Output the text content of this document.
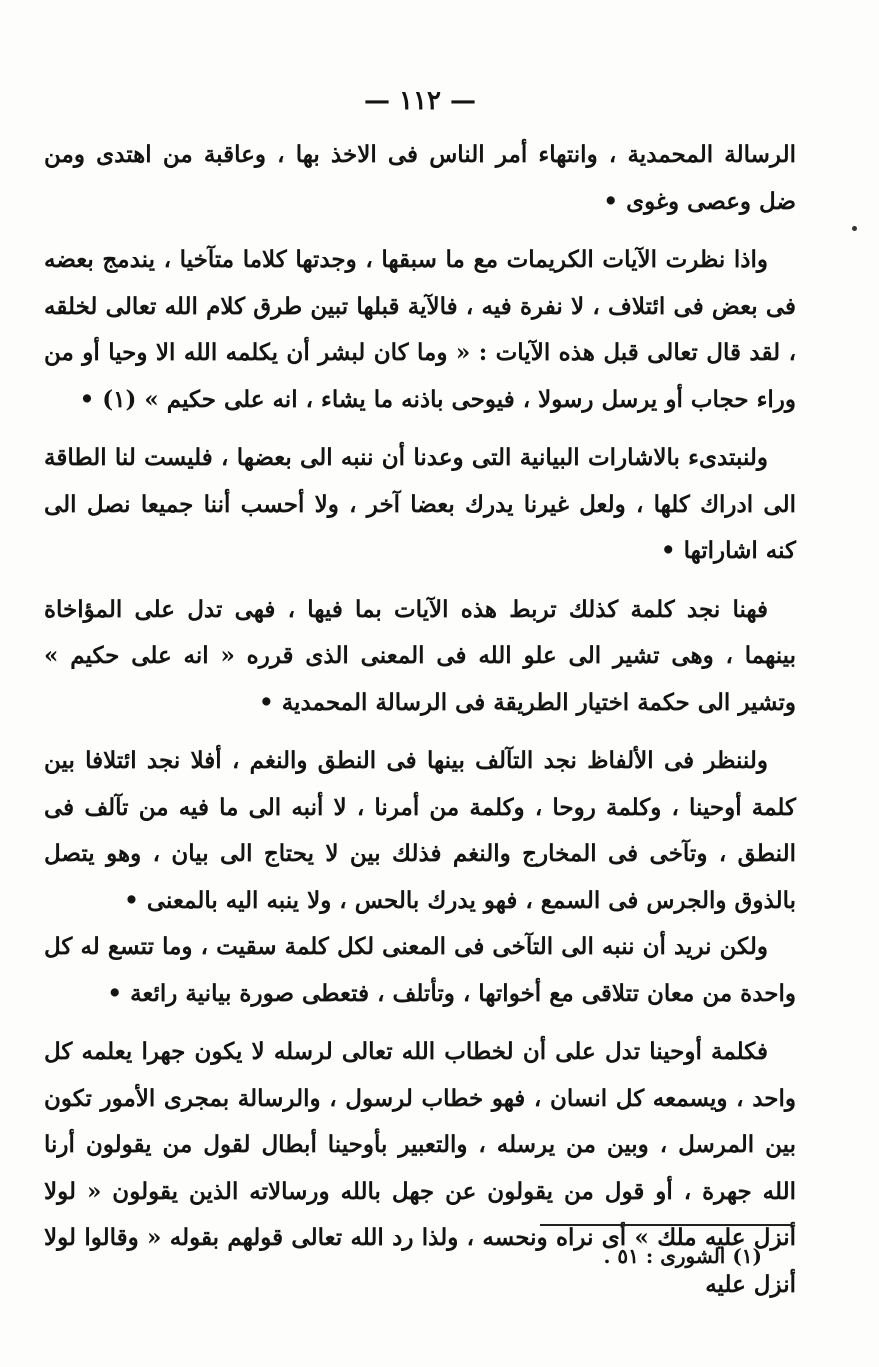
— ١١٢ —

الرسالة المحمدية ، وانتهاء أمر الناس فى الاخذ بها ، وعاقبة من اهتدى ومن ضل وعصى وغوى •

واذا نظرت الآيات الكريمات مع ما سبقها ، وجدتها كلاما متآخيا ، يندمج بعضه فى بعض فى ائتلاف ، لا نفرة فيه ، فالآية قبلها تبين طرق كلام الله تعالى لخلقه ، لقد قال تعالى قبل هذه الآيات : « وما كان لبشر أن يكلمه الله الا وحيا أو من وراء حجاب أو يرسل رسولا ، فيوحى باذنه ما يشاء ، انه على حكيم » (١) •

ولنبتدىء بالاشارات البيانية التى وعدنا أن ننبه الى بعضها ، فليست لنا الطاقة الى ادراك كلها ، ولعل غيرنا يدرك بعضا آخر ، ولا أحسب أننا جميعا نصل الى كنه اشاراتها •

فهنا نجد كلمة كذلك تربط هذه الآيات بما فيها ، فهى تدل على المؤاخاة بينهما ، وهى تشير الى علو الله فى المعنى الذى قرره « انه على حكيم » وتشير الى حكمة اختيار الطريقة فى الرسالة المحمدية •

ولننظر فى الألفاظ نجد التآلف بينها فى النطق والنغم ، أفلا نجد ائتلافا بين كلمة أوحينا ، وكلمة روحا ، وكلمة من أمرنا ، لا أنبه الى ما فيه من تآلف فى النطق ، وتآخى فى المخارج والنغم فذلك بين لا يحتاج الى بيان ، وهو يتصل بالذوق والجرس فى السمع ، فهو يدرك بالحس ، ولا ينبه اليه بالمعنى •

ولكن نريد أن ننبه الى التآخى فى المعنى لكل كلمة سقيت ، وما تتسع له كل واحدة من معان تتلاقى مع أخواتها ، وتأتلف ، فتعطى صورة بيانية رائعة •

فكلمة أوحينا تدل على أن لخطاب الله تعالى لرسله لا يكون جهرا يعلمه كل واحد ، ويسمعه كل انسان ، فهو خطاب لرسول ، والرسالة بمجرى الأمور تكون بين المرسل ، وبين من يرسله ، والتعبير بأوحينا أبطال لقول من يقولون أرنا الله جهرة ، أو قول من يقولون عن جهل بالله ورسالاته الذين يقولون « لولا أنزل عليه ملك » أى نراه ونحسه ، ولذا رد الله تعالى قولهم بقوله « وقالوا لولا أنزل عليه

(١) الشورى : ٥١ .
